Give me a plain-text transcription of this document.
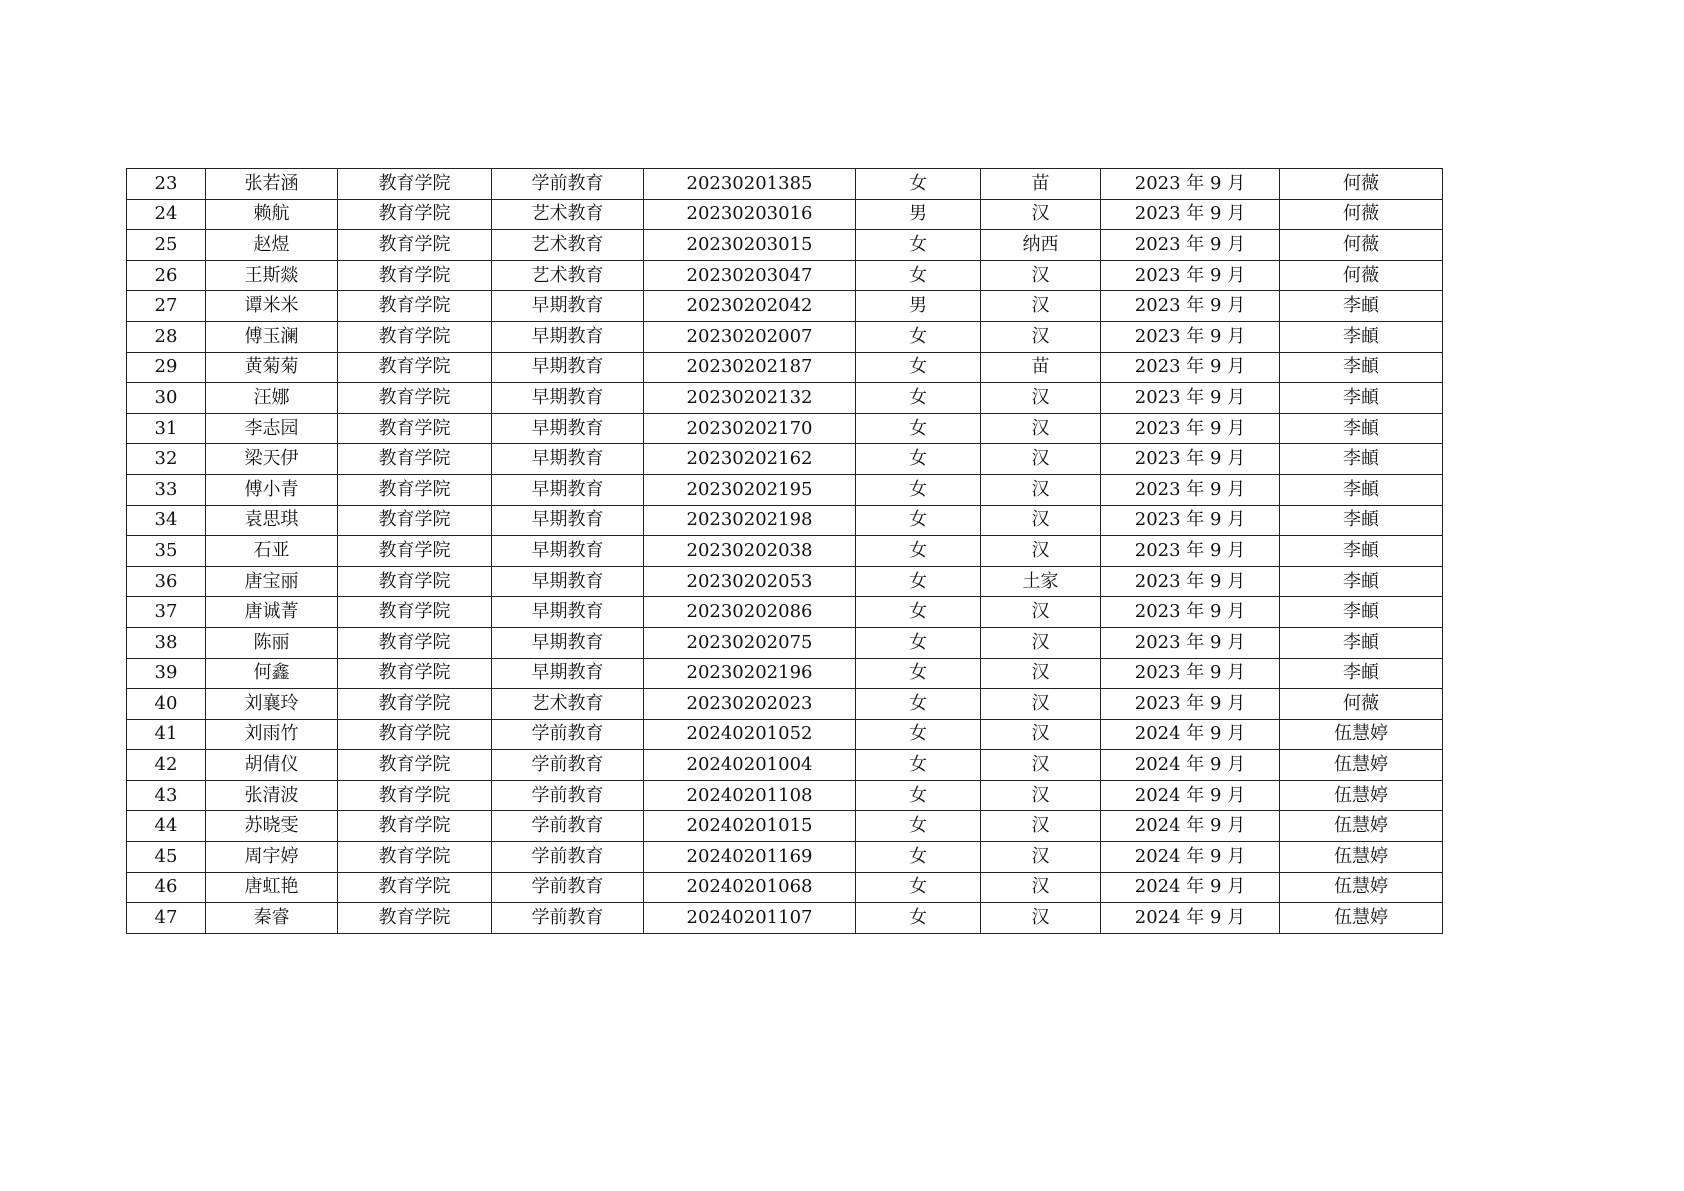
23	张若涵	教育学院	学前教育	20230201385	女	苗	2023 年 9 月	何薇
24	赖航	教育学院	艺术教育	20230203016	男	汉	2023 年 9 月	何薇
25	赵煜	教育学院	艺术教育	20230203015	女	纳西	2023 年 9 月	何薇
26	王斯燚	教育学院	艺术教育	20230203047	女	汉	2023 年 9 月	何薇
27	谭米米	教育学院	早期教育	20230202042	男	汉	2023 年 9 月	李頔
28	傅玉澜	教育学院	早期教育	20230202007	女	汉	2023 年 9 月	李頔
29	黄菊菊	教育学院	早期教育	20230202187	女	苗	2023 年 9 月	李頔
30	汪娜	教育学院	早期教育	20230202132	女	汉	2023 年 9 月	李頔
31	李志园	教育学院	早期教育	20230202170	女	汉	2023 年 9 月	李頔
32	梁天伊	教育学院	早期教育	20230202162	女	汉	2023 年 9 月	李頔
33	傅小青	教育学院	早期教育	20230202195	女	汉	2023 年 9 月	李頔
34	袁思琪	教育学院	早期教育	20230202198	女	汉	2023 年 9 月	李頔
35	石亚	教育学院	早期教育	20230202038	女	汉	2023 年 9 月	李頔
36	唐宝丽	教育学院	早期教育	20230202053	女	土家	2023 年 9 月	李頔
37	唐诚菁	教育学院	早期教育	20230202086	女	汉	2023 年 9 月	李頔
38	陈丽	教育学院	早期教育	20230202075	女	汉	2023 年 9 月	李頔
39	何鑫	教育学院	早期教育	20230202196	女	汉	2023 年 9 月	李頔
40	刘襄玲	教育学院	艺术教育	20230202023	女	汉	2023 年 9 月	何薇
41	刘雨竹	教育学院	学前教育	20240201052	女	汉	2024 年 9 月	伍慧婷
42	胡倩仪	教育学院	学前教育	20240201004	女	汉	2024 年 9 月	伍慧婷
43	张清波	教育学院	学前教育	20240201108	女	汉	2024 年 9 月	伍慧婷
44	苏晓雯	教育学院	学前教育	20240201015	女	汉	2024 年 9 月	伍慧婷
45	周宇婷	教育学院	学前教育	20240201169	女	汉	2024 年 9 月	伍慧婷
46	唐虹艳	教育学院	学前教育	20240201068	女	汉	2024 年 9 月	伍慧婷
47	秦睿	教育学院	学前教育	20240201107	女	汉	2024 年 9 月	伍慧婷
